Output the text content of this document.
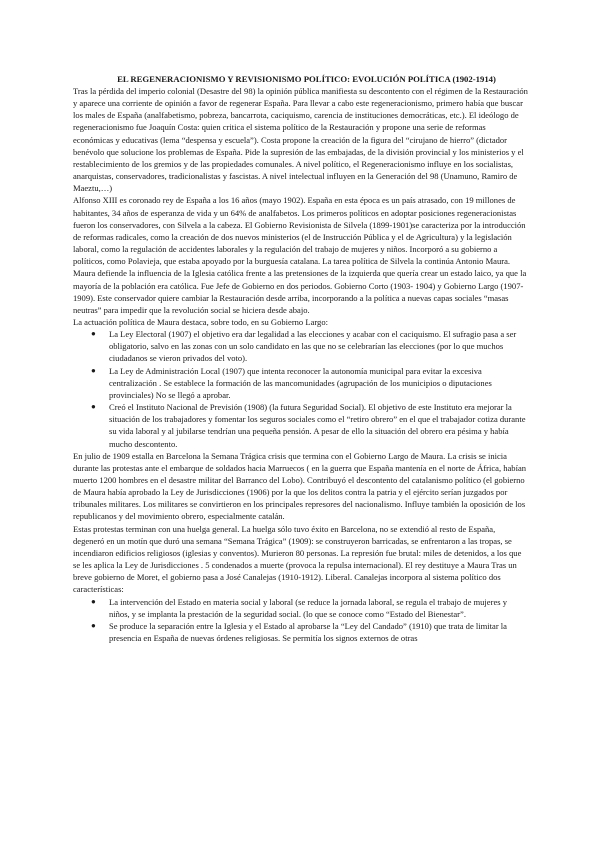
EL REGENERACIONISMO Y REVISIONISMO POLÍTICO: EVOLUCIÓN POLÍTICA (1902-1914)

Tras la pérdida del imperio colonial (Desastre del 98) la opinión pública manifiesta su descontento con el régimen de la Restauración y aparece una corriente de opinión a favor de regenerar España. Para llevar a cabo este regeneracionismo, primero había que buscar los males de España (analfabetismo, pobreza, bancarrota, caciquismo, carencia de instituciones democráticas, etc.). El ideólogo de regeneracionismo fue Joaquín Costa: quien critica el sistema político de la Restauración y propone una serie de reformas económicas y educativas (lema “despensa y escuela”). Costa propone la creación de la figura del “cirujano de hierro” (dictador benévolo que solucione los problemas de España. Pide la supresión de las embajadas, de la división provincial y los ministerios y el restablecimiento de los gremios y de las propiedades comunales. A nivel político, el Regeneracionismo influye en los socialistas, anarquistas, conservadores, tradicionalistas y fascistas. A nivel intelectual influyen en la Generación del 98 (Unamuno, Ramiro de Maeztu,…)

Alfonso XIII es coronado rey de España a los 16 años (mayo 1902). España en esta época es un país atrasado, con 19 millones de habitantes, 34 años de esperanza de vida y un 64% de analfabetos. Los primeros políticos en adoptar posiciones regeneracionistas fueron los conservadores, con Silvela a la cabeza. El Gobierno Revisionista de Silvela (1899-1901)se caracteriza por la introducción de reformas radicales, como la creación de dos nuevos ministerios (el de Instrucción Pública y el de Agricultura) y la legislación laboral, como la regulación de accidentes laborales y la regulación del trabajo de mujeres y niños. Incorporó a su gobierno a políticos, como Polavieja, que estaba apoyado por la burguesía catalana. La tarea política de Silvela la continúa Antonio Maura. Maura defiende la influencia de la Iglesia católica frente a las pretensiones de la izquierda que quería crear un estado laico, ya que la mayoría de la población era católica. Fue Jefe de Gobierno en dos periodos. Gobierno Corto (1903- 1904) y Gobierno Largo (1907-1909). Este conservador quiere cambiar la Restauración desde arriba, incorporando a la política a nuevas capas sociales “masas neutras” para impedir que la revolución social se hiciera desde abajo.

La actuación política de Maura destaca, sobre todo, en su Gobierno Largo:

● La Ley Electoral (1907) el objetivo era dar legalidad a las elecciones y acabar con el caciquismo. El sufragio pasa a ser obligatorio, salvo en las zonas con un solo candidato en las que no se celebrarían las elecciones (por lo que muchos ciudadanos se vieron privados del voto).
● La Ley de Administración Local (1907) que intenta reconocer la autonomía municipal para evitar la excesiva centralización . Se establece la formación de las mancomunidades (agrupación de los municipios o diputaciones provinciales) No se llegó a aprobar.
● Creó el Instituto Nacional de Previsión (1908) (la futura Seguridad Social). El objetivo de este Instituto era mejorar la situación de los trabajadores y fomentar los seguros sociales como el “retiro obrero” en el que el trabajador cotiza durante su vida laboral y al jubilarse tendrían una pequeña pensión. A pesar de ello la situación del obrero era pésima y había mucho descontento.

En julio de 1909 estalla en Barcelona la Semana Trágica crisis que termina con el Gobierno Largo de Maura. La crisis se inicia durante las protestas ante el embarque de soldados hacia Marruecos ( en la guerra que España mantenía en el norte de África, habían muerto 1200 hombres en el desastre militar del Barranco del Lobo). Contribuyó el descontento del catalanismo político (el gobierno de Maura había aprobado la Ley de Jurisdicciones (1906) por la que los delitos contra la patria y el ejército serían juzgados por tribunales militares. Los militares se convirtieron en los principales represores del nacionalismo. Influye también la oposición de los republicanos y del movimiento obrero, especialmente catalán.

Estas protestas terminan con una huelga general. La huelga sólo tuvo éxito en Barcelona, no se extendió al resto de España, degeneró en un motín que duró una semana “Semana Trágica” (1909): se construyeron barricadas, se enfrentaron a las tropas, se incendiaron edificios religiosos (iglesias y conventos). Murieron 80 personas. La represión fue brutal: miles de detenidos, a los que se les aplica la Ley de Jurisdicciones . 5 condenados a muerte (provoca la repulsa internacional). El rey destituye a Maura Tras un breve gobierno de Moret, el gobierno pasa a José Canalejas (1910-1912). Liberal. Canalejas incorpora al sistema político dos características:

● La intervención del Estado en materia social y laboral (se reduce la jornada laboral, se regula el trabajo de mujeres y niños, y se implanta la prestación de la seguridad social. (lo que se conoce como “Estado del Bienestar”.
● Se produce la separación entre la Iglesia y el Estado al aprobarse la “Ley del Candado” (1910) que trata de limitar la presencia en España de nuevas órdenes religiosas. Se permitía los signos externos de otras
